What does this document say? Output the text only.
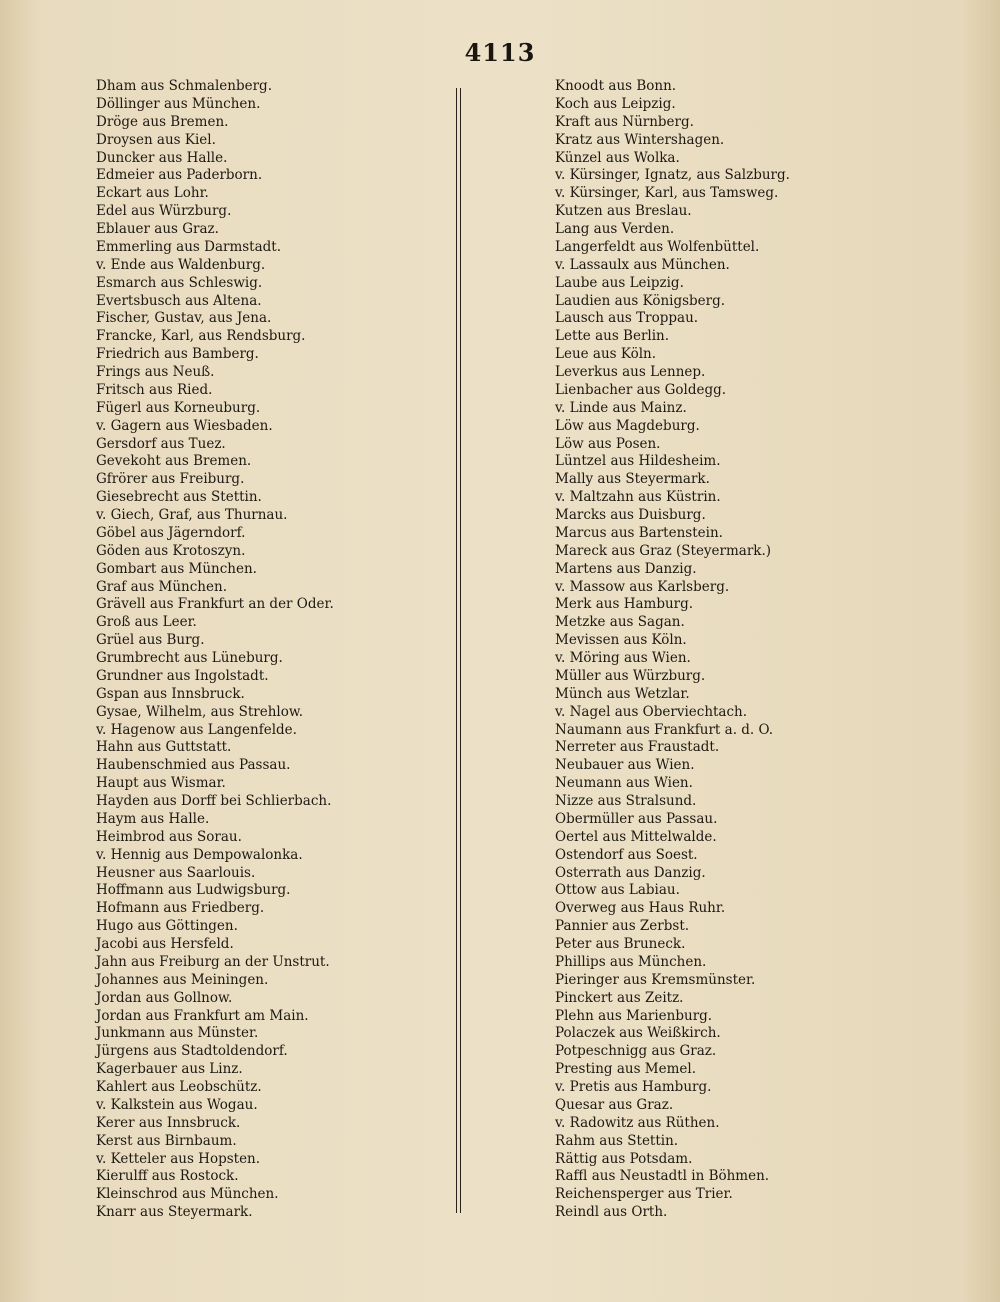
4113
Dham aus Schmalenberg.
Döllinger aus München.
Dröge aus Bremen.
Droysen aus Kiel.
Duncker aus Halle.
Edmeier aus Paderborn.
Eckart aus Lohr.
Edel aus Würzburg.
Eblauer aus Graz.
Emmerling aus Darmstadt.
v. Ende aus Waldenburg.
Esmarch aus Schleswig.
Evertsbusch aus Altena.
Fischer, Gustav, aus Jena.
Francke, Karl, aus Rendsburg.
Friedrich aus Bamberg.
Frings aus Neuß.
Fritsch aus Ried.
Fügerl aus Korneuburg.
v. Gagern aus Wiesbaden.
Gersdorf aus Tuez.
Gevekoht aus Bremen.
Gfrörer aus Freiburg.
Giesebrecht aus Stettin.
v. Giech, Graf, aus Thurnau.
Göbel aus Jägerndorf.
Göden aus Krotoszyn.
Gombart aus München.
Graf aus München.
Grävell aus Frankfurt an der Oder.
Groß aus Leer.
Grüel aus Burg.
Grumbrecht aus Lüneburg.
Grundner aus Ingolstadt.
Gspan aus Innsbruck.
Gysae, Wilhelm, aus Strehlow.
v. Hagenow aus Langenfelde.
Hahn aus Guttstatt.
Haubenschmied aus Passau.
Haupt aus Wismar.
Hayden aus Dorff bei Schlierbach.
Haym aus Halle.
Heimbrod aus Sorau.
v. Hennig aus Dempowalonka.
Heusner aus Saarlouis.
Hoffmann aus Ludwigsburg.
Hofmann aus Friedberg.
Hugo aus Göttingen.
Jacobi aus Hersfeld.
Jahn aus Freiburg an der Unstrut.
Johannes aus Meiningen.
Jordan aus Gollnow.
Jordan aus Frankfurt am Main.
Junkmann aus Münster.
Jürgens aus Stadtoldendorf.
Kagerbauer aus Linz.
Kahlert aus Leobschütz.
v. Kalkstein aus Wogau.
Kerer aus Innsbruck.
Kerst aus Birnbaum.
v. Ketteler aus Hopsten.
Kierulff aus Rostock.
Kleinschrod aus München.
Knarr aus Steyermark.
Knoodt aus Bonn.
Koch aus Leipzig.
Kraft aus Nürnberg.
Kratz aus Wintershagen.
Künzel aus Wolka.
v. Kürsinger, Ignatz, aus Salzburg.
v. Kürsinger, Karl, aus Tamsweg.
Kutzen aus Breslau.
Lang aus Verden.
Langerfeldt aus Wolfenbüttel.
v. Lassaulx aus München.
Laube aus Leipzig.
Laudien aus Königsberg.
Lausch aus Troppau.
Lette aus Berlin.
Leue aus Köln.
Leverkus aus Lennep.
Lienbacher aus Goldegg.
v. Linde aus Mainz.
Löw aus Magdeburg.
Löw aus Posen.
Lüntzel aus Hildesheim.
Mally aus Steyermark.
v. Maltzahn aus Küstrin.
Marcks aus Duisburg.
Marcus aus Bartenstein.
Mareck aus Graz (Steyermark.)
Martens aus Danzig.
v. Massow aus Karlsberg.
Merk aus Hamburg.
Metzke aus Sagan.
Mevissen aus Köln.
v. Möring aus Wien.
Müller aus Würzburg.
Münch aus Wetzlar.
v. Nagel aus Oberviechtach.
Naumann aus Frankfurt a. d. O.
Nerreter aus Fraustadt.
Neubauer aus Wien.
Neumann aus Wien.
Nizze aus Stralsund.
Obermüller aus Passau.
Oertel aus Mittelwalde.
Ostendorf aus Soest.
Osterrath aus Danzig.
Ottow aus Labiau.
Overweg aus Haus Ruhr.
Pannier aus Zerbst.
Peter aus Bruneck.
Phillips aus München.
Pieringer aus Kremsmünster.
Pinckert aus Zeitz.
Plehn aus Marienburg.
Polaczek aus Weißkirch.
Potpeschnigg aus Graz.
Presting aus Memel.
v. Pretis aus Hamburg.
Quesar aus Graz.
v. Radowitz aus Rüthen.
Rahm aus Stettin.
Rättig aus Potsdam.
Raffl aus Neustadtl in Böhmen.
Reichensperger aus Trier.
Reindl aus Orth.
